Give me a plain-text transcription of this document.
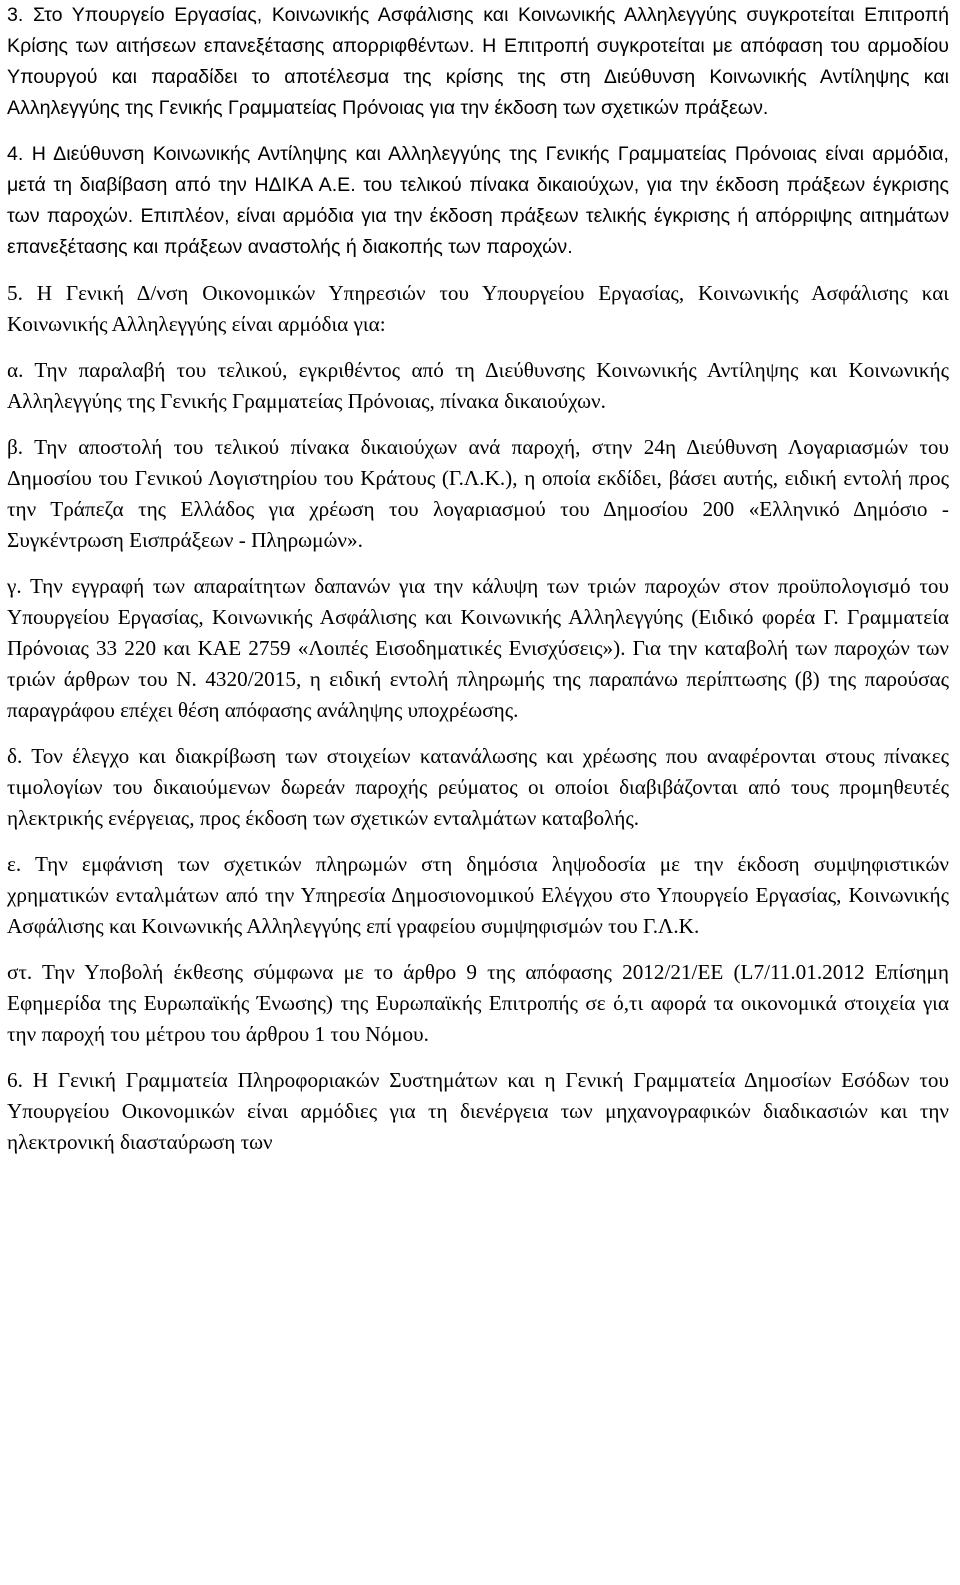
3. Στο Υπουργείο Εργασίας, Κοινωνικής Ασφάλισης και Κοινωνικής Αλληλεγγύης συγκροτείται Επιτροπή Κρίσης των αιτήσεων επανεξέτασης απορριφθέντων. Η Επιτροπή συγκροτείται με απόφαση του αρμοδίου Υπουργού και παραδίδει το αποτέλεσμα της κρίσης της στη Διεύθυνση Κοινωνικής Αντίληψης και Αλληλεγγύης της Γενικής Γραμματείας Πρόνοιας για την έκδοση των σχετικών πράξεων.

4. Η Διεύθυνση Κοινωνικής Αντίληψης και Αλληλεγγύης της Γενικής Γραμματείας Πρόνοιας είναι αρμόδια, μετά τη διαβίβαση από την ΗΔΙΚΑ Α.Ε. του τελικού πίνακα δικαιούχων, για την έκδοση πράξεων έγκρισης των παροχών. Επιπλέον, είναι αρμόδια για την έκδοση πράξεων τελικής έγκρισης ή απόρριψης αιτημάτων επανεξέτασης και πράξεων αναστολής ή διακοπής των παροχών.

5. Η Γενική Δ/νση Οικονομικών Υπηρεσιών του Υπουργείου Εργασίας, Κοινωνικής Ασφάλισης και Κοινωνικής Αλληλεγγύης είναι αρμόδια για:

α. Την παραλαβή του τελικού, εγκριθέντος από τη Διεύθυνσης Κοινωνικής Αντίληψης και Κοινωνικής Αλληλεγγύης της Γενικής Γραμματείας Πρόνοιας, πίνακα δικαιούχων.

β. Την αποστολή του τελικού πίνακα δικαιούχων ανά παροχή, στην 24η Διεύθυνση Λογαριασμών του Δημοσίου του Γενικού Λογιστηρίου του Κράτους (Γ.Λ.Κ.), η οποία εκδίδει, βάσει αυτής, ειδική εντολή προς την Τράπεζα της Ελλάδος για χρέωση του λογαριασμού του Δημοσίου 200 «Ελληνικό Δημόσιο - Συγκέντρωση Εισπράξεων - Πληρωμών».

γ. Την εγγραφή των απαραίτητων δαπανών για την κάλυψη των τριών παροχών στον προϋπολογισμό του Υπουργείου Εργασίας, Κοινωνικής Ασφάλισης και Κοινωνικής Αλληλεγγύης (Ειδικό φορέα Γ. Γραμματεία Πρόνοιας 33 220 και ΚΑΕ 2759 «Λοιπές Εισοδηματικές Ενισχύσεις»). Για την καταβολή των παροχών των τριών άρθρων του Ν. 4320/2015, η ειδική εντολή πληρωμής της παραπάνω περίπτωσης (β) της παρούσας παραγράφου επέχει θέση απόφασης ανάληψης υποχρέωσης.

δ. Τον έλεγχο και διακρίβωση των στοιχείων κατανάλωσης και χρέωσης που αναφέρονται στους πίνακες τιμολογίων του δικαιούμενων δωρεάν παροχής ρεύματος οι οποίοι διαβιβάζονται από τους προμηθευτές ηλεκτρικής ενέργειας, προς έκδοση των σχετικών ενταλμάτων καταβολής.

ε. Την εμφάνιση των σχετικών πληρωμών στη δημόσια ληψοδοσία με την έκδοση συμψηφιστικών χρηματικών ενταλμάτων από την Υπηρεσία Δημοσιονομικού Ελέγχου στο Υπουργείο Εργασίας, Κοινωνικής Ασφάλισης και Κοινωνικής Αλληλεγγύης επί γραφείου συμψηφισμών του Γ.Λ.Κ.

στ. Την Υποβολή έκθεσης σύμφωνα με το άρθρο 9 της απόφασης 2012/21/ΕΕ (L7/11.01.2012 Επίσημη Εφημερίδα της Ευρωπαϊκής Ένωσης) της Ευρωπαϊκής Επιτροπής σε ό,τι αφορά τα οικονομικά στοιχεία για την παροχή του μέτρου του άρθρου 1 του Νόμου.

6. Η Γενική Γραμματεία Πληροφοριακών Συστημάτων και η Γενική Γραμματεία Δημοσίων Εσόδων του Υπουργείου Οικονομικών είναι αρμόδιες για τη διενέργεια των μηχανογραφικών διαδικασιών και την ηλεκτρονική διασταύρωση των
